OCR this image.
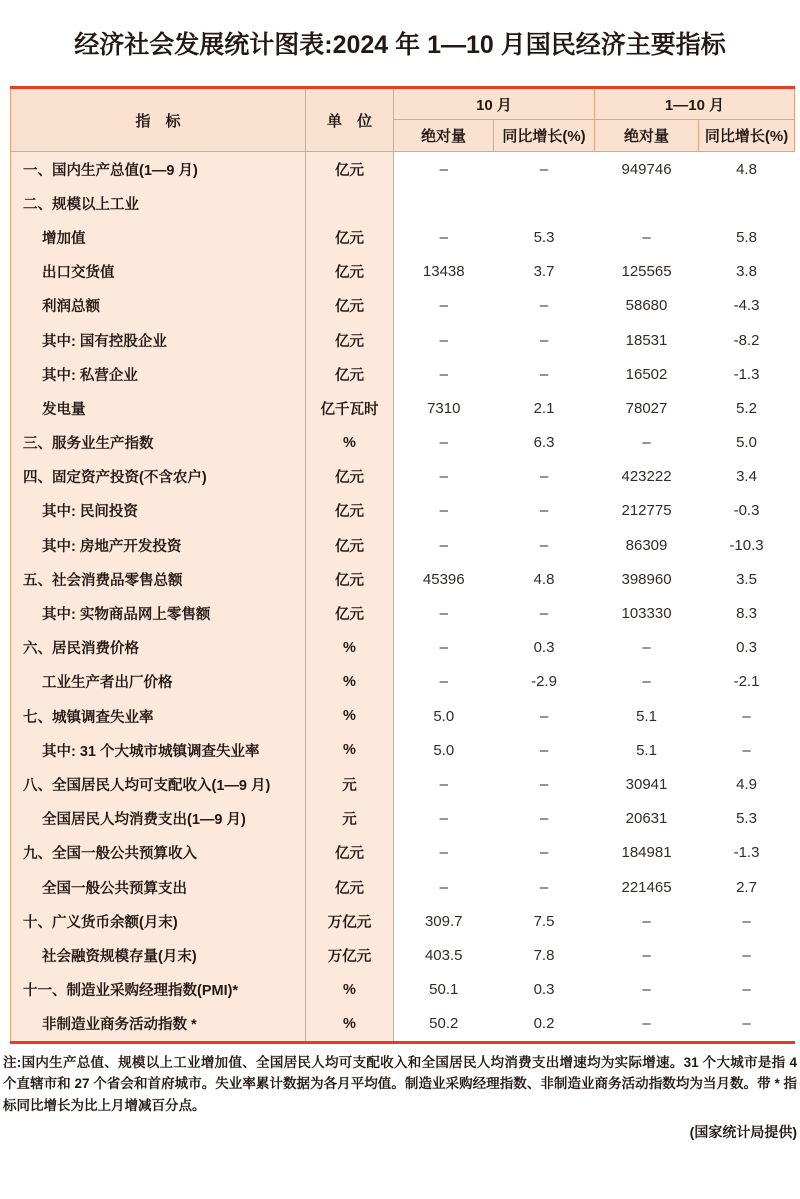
经济社会发展统计图表:2024 年 1—10 月国民经济主要指标
指　标	单　位	10 月		1—10 月	
		绝对量	同比增长(%)	绝对量	同比增长(%)
一、国内生产总值(1—9 月)	亿元	–	–	949746	4.8
二、规模以上工业					
增加值	亿元	–	5.3	–	5.8
出口交货值	亿元	13438	3.7	125565	3.8
利润总额	亿元	–	–	58680	-4.3
其中: 国有控股企业	亿元	–	–	18531	-8.2
其中: 私营企业	亿元	–	–	16502	-1.3
发电量	亿千瓦时	7310	2.1	78027	5.2
三、服务业生产指数	%	–	6.3	–	5.0
四、固定资产投资(不含农户)	亿元	–	–	423222	3.4
其中: 民间投资	亿元	–	–	212775	-0.3
其中: 房地产开发投资	亿元	–	–	86309	-10.3
五、社会消费品零售总额	亿元	45396	4.8	398960	3.5
其中: 实物商品网上零售额	亿元	–	–	103330	8.3
六、居民消费价格	%	–	0.3	–	0.3
工业生产者出厂价格	%	–	-2.9	–	-2.1
七、城镇调查失业率	%	5.0	–	5.1	–
其中: 31 个大城市城镇调查失业率	%	5.0	–	5.1	–
八、全国居民人均可支配收入(1—9 月)	元	–	–	30941	4.9
全国居民人均消费支出(1—9 月)	元	–	–	20631	5.3
九、全国一般公共预算收入	亿元	–	–	184981	-1.3
全国一般公共预算支出	亿元	–	–	221465	2.7
十、广义货币余额(月末)	万亿元	309.7	7.5	–	–
社会融资规模存量(月末)	万亿元	403.5	7.8	–	–
十一、制造业采购经理指数(PMI)*	%	50.1	0.3	–	–
非制造业商务活动指数 *	%	50.2	0.2	–	–
注:国内生产总值、规模以上工业增加值、全国居民人均可支配收入和全国居民人均消费支出增速均为实际增速。31 个大城市是指 4 个直辖市和 27 个省会和首府城市。失业率累计数据为各月平均值。制造业采购经理指数、非制造业商务活动指数均为当月数。带 * 指标同比增长为比上月增减百分点。
(国家统计局提供)
